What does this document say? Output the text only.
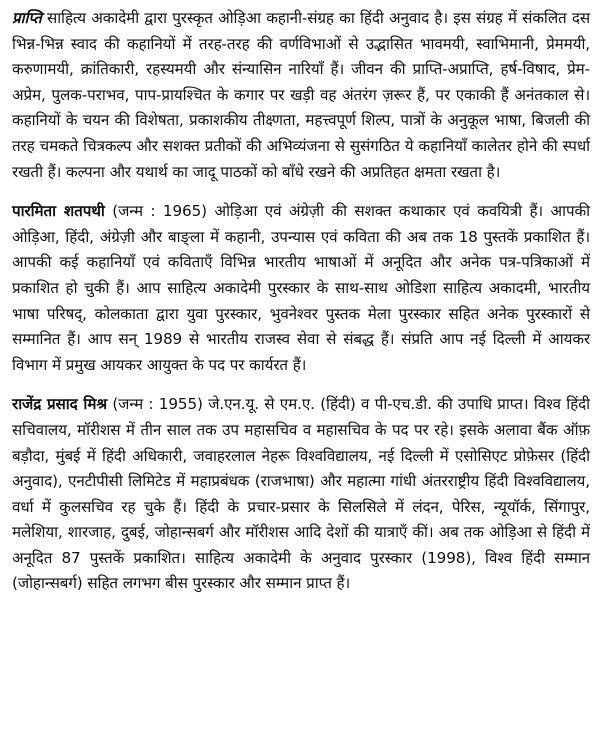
प्राप्ति साहित्य अकादेमी द्वारा पुरस्कृत ओड़िआ कहानी-संग्रह का हिंदी अनुवाद है। इस संग्रह में संकलित दस भिन्न-भिन्न स्वाद की कहानियों में तरह-तरह की वर्णविभाओं से उद्भासित भावमयी, स्वाभिमानी, प्रेममयी, करुणामयी, क्रांतिकारी, रहस्यमयी और संन्यासिन नारियाँ हैं। जीवन की प्राप्ति-अप्राप्ति, हर्ष-विषाद, प्रेम-अप्रेम, पुलक-पराभव, पाप-प्रायश्चित के कगार पर खड़ी वह अंतरंग ज़रूर हैं, पर एकाकी हैं अनंतकाल से। कहानियों के चयन की विशेषता, प्रकाशकीय तीक्ष्णता, महत्त्वपूर्ण शिल्प, पात्रों के अनुकूल भाषा, बिजली की तरह चमकते चित्रकल्प और सशक्त प्रतीकों की अभिव्यंजना से सुसंगठित ये कहानियाँ कालेतर होने की स्पर्धा रखती हैं। कल्पना और यथार्थ का जादू पाठकों को बाँधे रखने की अप्रतिहत क्षमता रखता है।

पारमिता शतपथी (जन्म : 1965) ओड़िआ एवं अंग्रेज़ी की सशक्त कथाकार एवं कवयित्री हैं। आपकी ओड़िआ, हिंदी, अंग्रेज़ी और बाङ्ला में कहानी, उपन्यास एवं कविता की अब तक 18 पुस्तकें प्रकाशित हैं। आपकी कई कहानियाँ एवं कविताएँ विभिन्न भारतीय भाषाओं में अनूदित और अनेक पत्र-पत्रिकाओं में प्रकाशित हो चुकी हैं। आप साहित्य अकादेमी पुरस्कार के साथ-साथ ओडिशा साहित्य अकादमी, भारतीय भाषा परिषद्, कोलकाता द्वारा युवा पुरस्कार, भुवनेश्वर पुस्तक मेला पुरस्कार सहित अनेक पुरस्कारों से सम्मानित हैं। आप सन् 1989 से भारतीय राजस्व सेवा से संबद्ध हैं। संप्रति आप नई दिल्ली में आयकर विभाग में प्रमुख आयकर आयुक्त के पद पर कार्यरत हैं।

राजेंद्र प्रसाद मिश्र (जन्म : 1955) जे.एन.यू. से एम.ए. (हिंदी) व पी-एच.डी. की उपाधि प्राप्त। विश्व हिंदी सचिवालय, मॉरीशस में तीन साल तक उप महासचिव व महासचिव के पद पर रहे। इसके अलावा बैंक ऑफ़ बड़ौदा, मुंबई में हिंदी अधिकारी, जवाहरलाल नेहरू विश्वविद्यालय, नई दिल्ली में एसोसिएट प्रोफ़ेसर (हिंदी अनुवाद), एनटीपीसी लिमिटेड में महाप्रबंधक (राजभाषा) और महात्मा गांधी अंतरराष्ट्रीय हिंदी विश्वविद्यालय, वर्धा में कुलसचिव रह चुके हैं। हिंदी के प्रचार-प्रसार के सिलसिले में लंदन, पेरिस, न्यूयॉर्क, सिंगापुर, मलेशिया, शारजाह, दुबई, जोहान्सबर्ग और मॉरीशस आदि देशों की यात्राएँ कीं। अब तक ओड़िआ से हिंदी में अनूदित 87 पुस्तकें प्रकाशित। साहित्य अकादेमी के अनुवाद पुरस्कार (1998), विश्व हिंदी सम्मान (जोहान्सबर्ग) सहित लगभग बीस पुरस्कार और सम्मान प्राप्त हैं।
